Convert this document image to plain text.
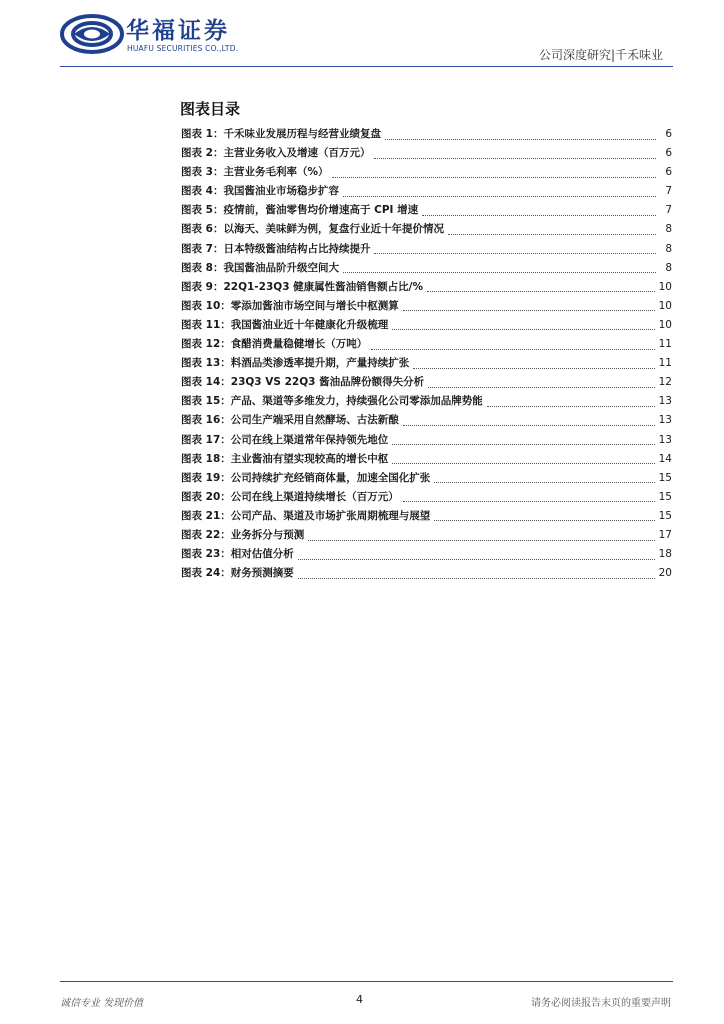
华福证券
HUAFU SECURITIES CO.,LTD.	公司深度研究|千禾味业
图表目录
图表 1：千禾味业发展历程与经营业绩复盘	6
图表 2：主营业务收入及增速（百万元）	6
图表 3：主营业务毛利率（%）	6
图表 4：我国酱油业市场稳步扩容	7
图表 5：疫情前，酱油零售均价增速高于 CPI 增速	7
图表 6：以海天、美味鲜为例，复盘行业近十年提价情况	8
图表 7：日本特级酱油结构占比持续提升	8
图表 8：我国酱油品阶升级空间大	8
图表 9：22Q1-23Q3 健康属性酱油销售额占比/%	10
图表 10：零添加酱油市场空间与增长中枢测算	10
图表 11：我国酱油业近十年健康化升级梳理	10
图表 12：食醋消费量稳健增长（万吨）	11
图表 13：料酒品类渗透率提升期，产量持续扩张	11
图表 14：23Q3 VS 22Q3 酱油品牌份额得失分析	12
图表 15：产品、渠道等多维发力，持续强化公司零添加品牌势能	13
图表 16：公司生产端采用自然酵场、古法新酿	13
图表 17：公司在线上渠道常年保持领先地位	13
图表 18：主业酱油有望实现较高的增长中枢	14
图表 19：公司持续扩充经销商体量，加速全国化扩张	15
图表 20：公司在线上渠道持续增长（百万元）	15
图表 21：公司产品、渠道及市场扩张周期梳理与展望	15
图表 22：业务拆分与预测	17
图表 23：相对估值分析	18
图表 24：财务预测摘要	20
诚信专业 发现价值	4	请务必阅读报告末页的重要声明
